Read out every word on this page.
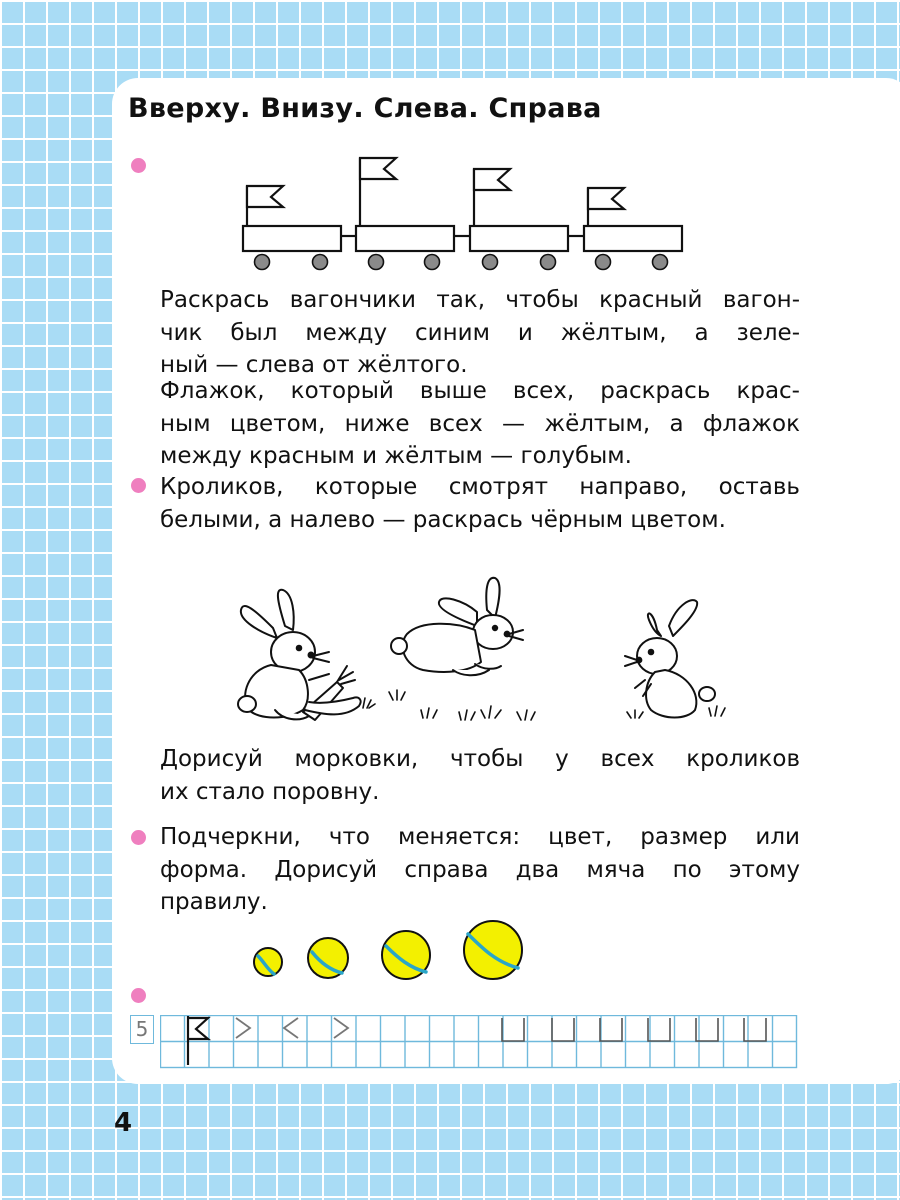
Вверху. Внизу. Слева. Справа
Раскрась вагончики так, чтобы красный вагон-
чик был между синим и жёлтым, а зеле-
ный — слева от жёлтого.
Флажок, который выше всех, раскрась крас-
ным цветом, ниже всех — жёлтым, а флажок
между красным и жёлтым — голубым.
Кроликов, которые смотрят направо, оставь
белыми, а налево — раскрась чёрным цветом.
Дорисуй морковки, чтобы у всех кроликов
их стало поровну.
Подчеркни, что меняется: цвет, размер или
форма. Дорисуй справа два мяча по этому
правилу.
5
4
